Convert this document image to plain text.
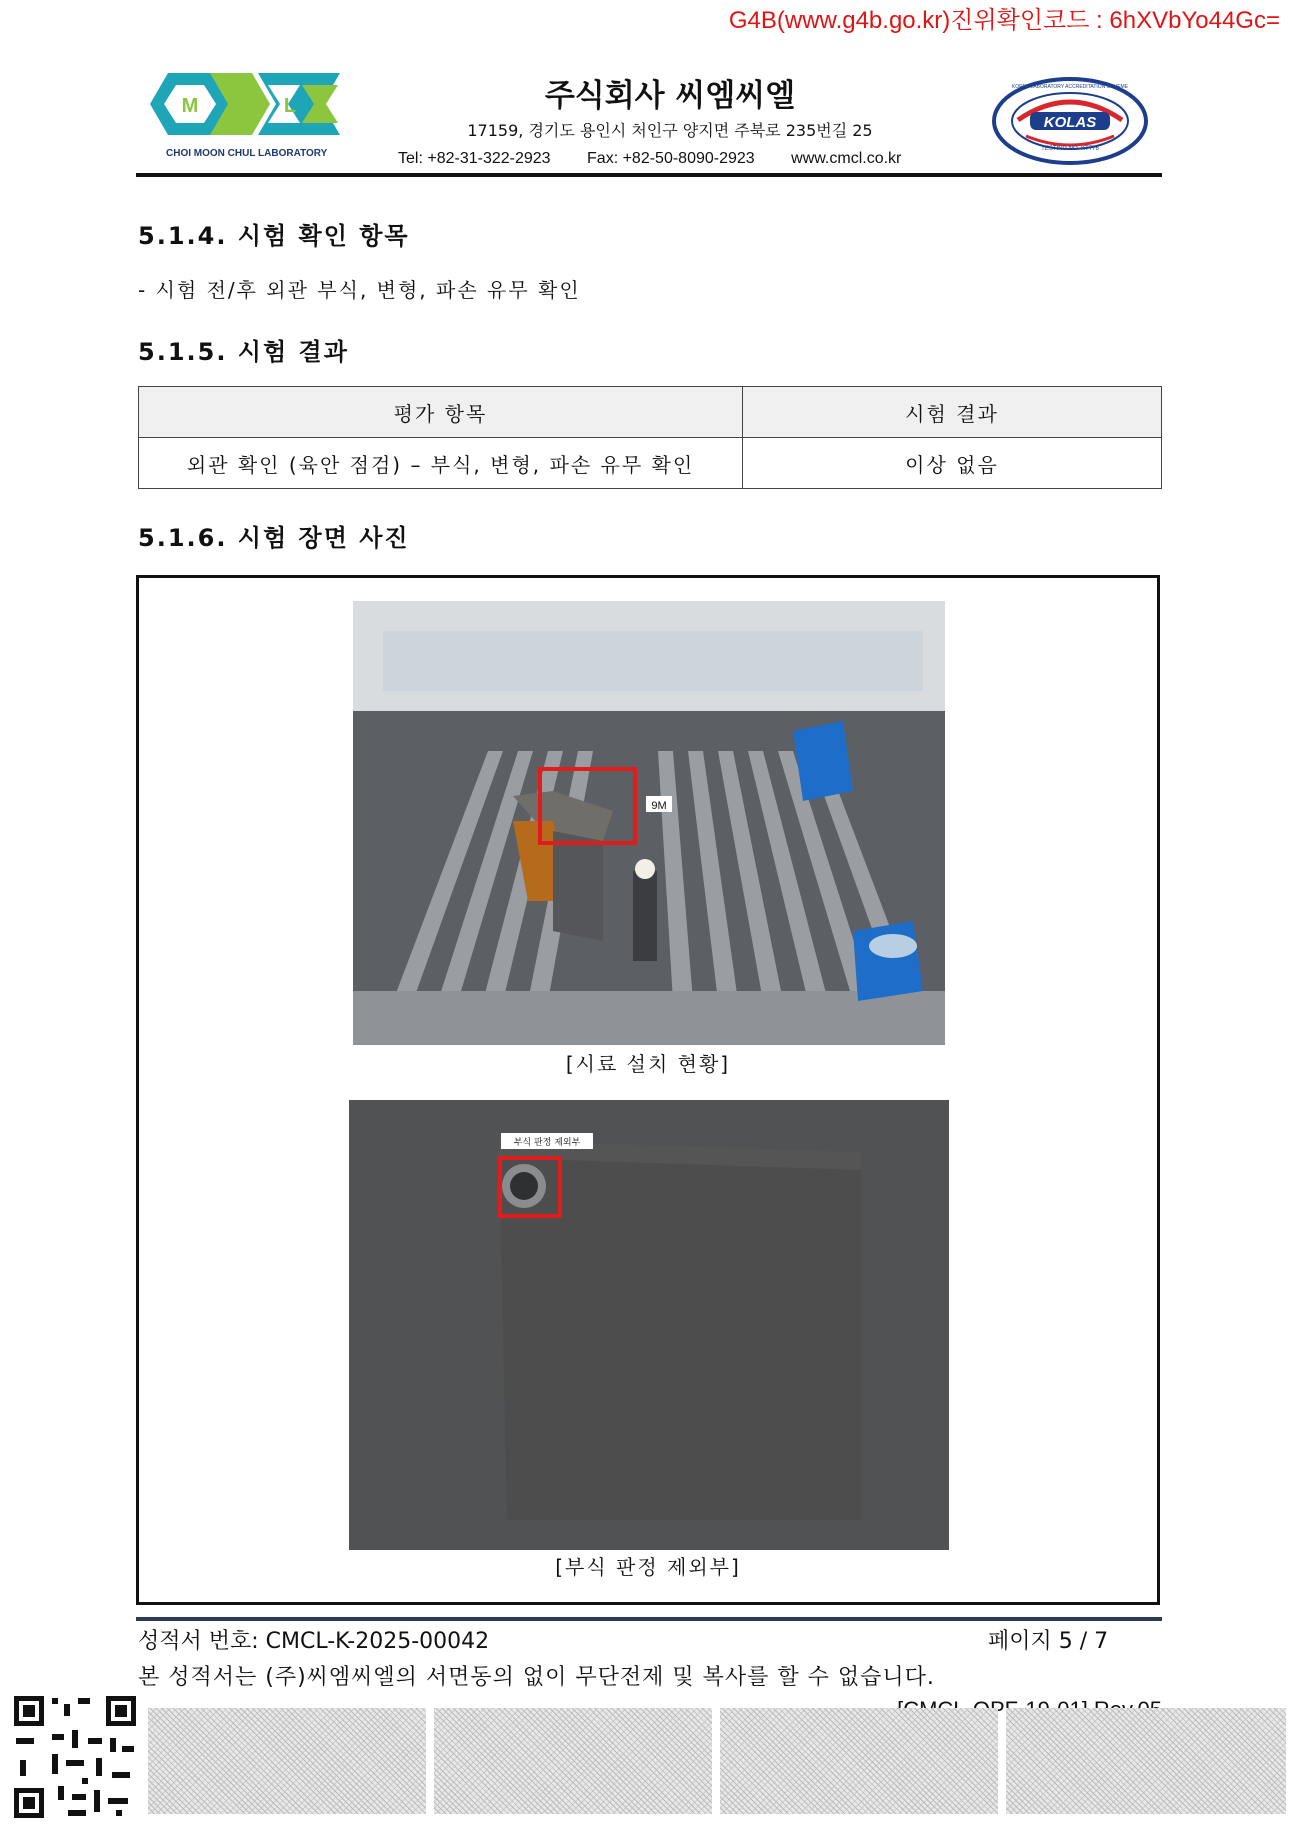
G4B(www.g4b.go.kr)진위확인코드 : 6hXVbYo44Gc=
M	L
CHOI MOON CHUL LABORATORY
주식회사 씨엠씨엘
17159, 경기도 용인시 처인구 양지면 주북로 235번길 25
Tel: +82-31-322-2923 Fax: +82-50-8090-2923 www.cmcl.co.kr
KOLAS
TESTING NO. KT776
KOREA LABORATORY ACCREDITATION SCHEME
5.1.4. 시험 확인 항목
- 시험 전/후 외관 부식, 변형, 파손 유무 확인
5.1.5. 시험 결과
평가 항목	시험 결과
외관 확인 (육안 점검) – 부식, 변형, 파손 유무 확인	이상 없음
5.1.6. 시험 장면 사진
9M
[시료 설치 현황]
부식 판정 제외부
[부식 판정 제외부]
성적서 번호: CMCL-K-2025-00042	페이지 5 / 7
본 성적서는 (주)씨엠씨엘의 서면동의 없이 무단전제 및 복사를 할 수 없습니다.
